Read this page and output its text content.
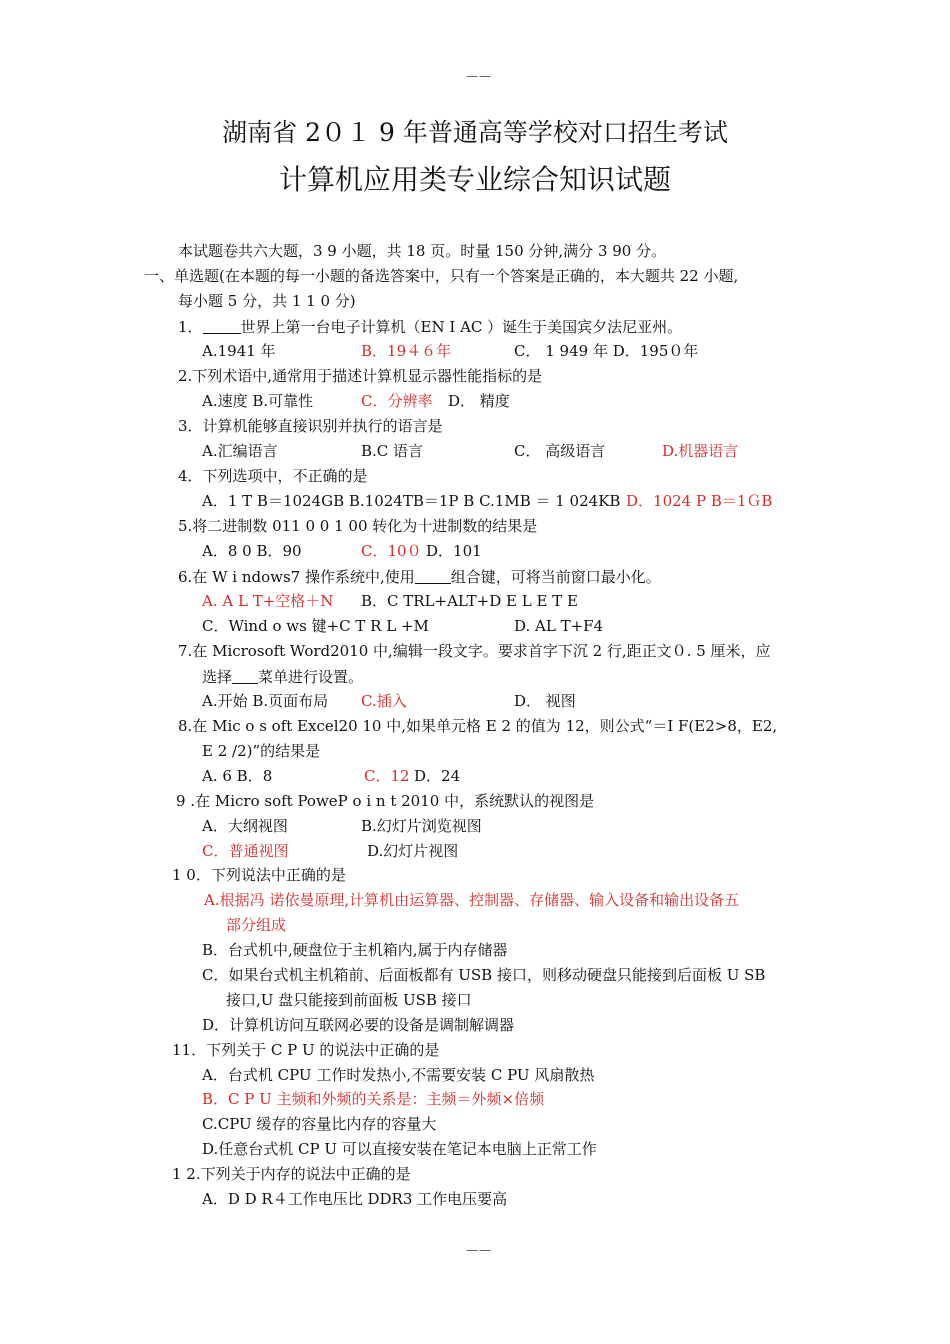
——
湖南省 2０１ 9 年普通高等学校对口招生考试
计算机应用类专业综合知识试题
本试题卷共六大题，3 9 小题，共 18 页。时量 150 分钟,满分 3 90 分。
一、单选题(在本题的每一小题的备选答案中，只有一个答案是正确的，本大题共 22 小题,
每小题 5 分，共 1 1 0 分)
1．	世界上第一台电子计算机（EN I AC ）诞生于美国宾夕法尼亚州。
A.1941 年	B．19４６年	C． 1 949 年 D．195０年
2.下列术语中,通常用于描述计算机显示器性能指标的是
A.速度 B.可靠性	C．分辨率 D． 精度
3．计算机能够直接识别并执行的语言是
A.汇编语言	B.C 语言	C． 高级语言	D.机器语言
4．下列选项中，不正确的是
A．1 T B＝1024GB B.1024TB＝1P B C.1MB ＝ 1 024KB D．1024 P B＝1ＧB
5.将二进制数 011 0 0 1 00 转化为十进制数的结果是
A．8 0 B．90	C．10０ D．101
6.在 W i ndows7 操作系统中,使用 组合键，可将当前窗口最小化。
A. A L T+空格＋N B．C TRL+ALT+D E L E T E
C．Wind o ws 键+C T R L +M	D. AL T+F4
7.在 Microsoft Word2010 中,编辑一段文字。要求首字下沉 2 行,距正文０. 5 厘米，应
选择 菜单进行设置。
A.开始 B.页面布局 C.插入	D． 视图
8.在 Mic o s oft Excel20 10 中,如果单元格 E 2 的值为 12，则公式“＝I F(E2>8，E2,
E 2 /2)”的结果是
A. 6 B．8	C．12 D．24
9 .在 Micro soft PoweP o i n t 2010 中，系统默认的视图是
A．大纲视图	B.幻灯片浏览视图
C．普通视图	D.幻灯片视图
1 0．下列说法中正确的是
A.根据冯 诺依曼原理,计算机由运算器、控制器、存储器、输入设备和输出设备五
部分组成
B．台式机中,硬盘位于主机箱内,属于内存储器
C．如果台式机主机箱前、后面板都有 USB 接口，则移动硬盘只能接到后面板 U SB
接口,U 盘只能接到前面板 USB 接口
D．计算机访问互联网必要的设备是调制解调器
11．下列关于 C P U 的说法中正确的是
A．台式机 CPU 工作时发热小,不需要安装 C PU 风扇散热
B．C P U 主频和外频的关系是：主频＝外频×倍频
C.CPU 缓存的容量比内存的容量大
D.任意台式机 CP U 可以直接安装在笔记本电脑上正常工作
1 2.下列关于内存的说法中正确的是
A．D D R４工作电压比 DDR3 工作电压要高
——
